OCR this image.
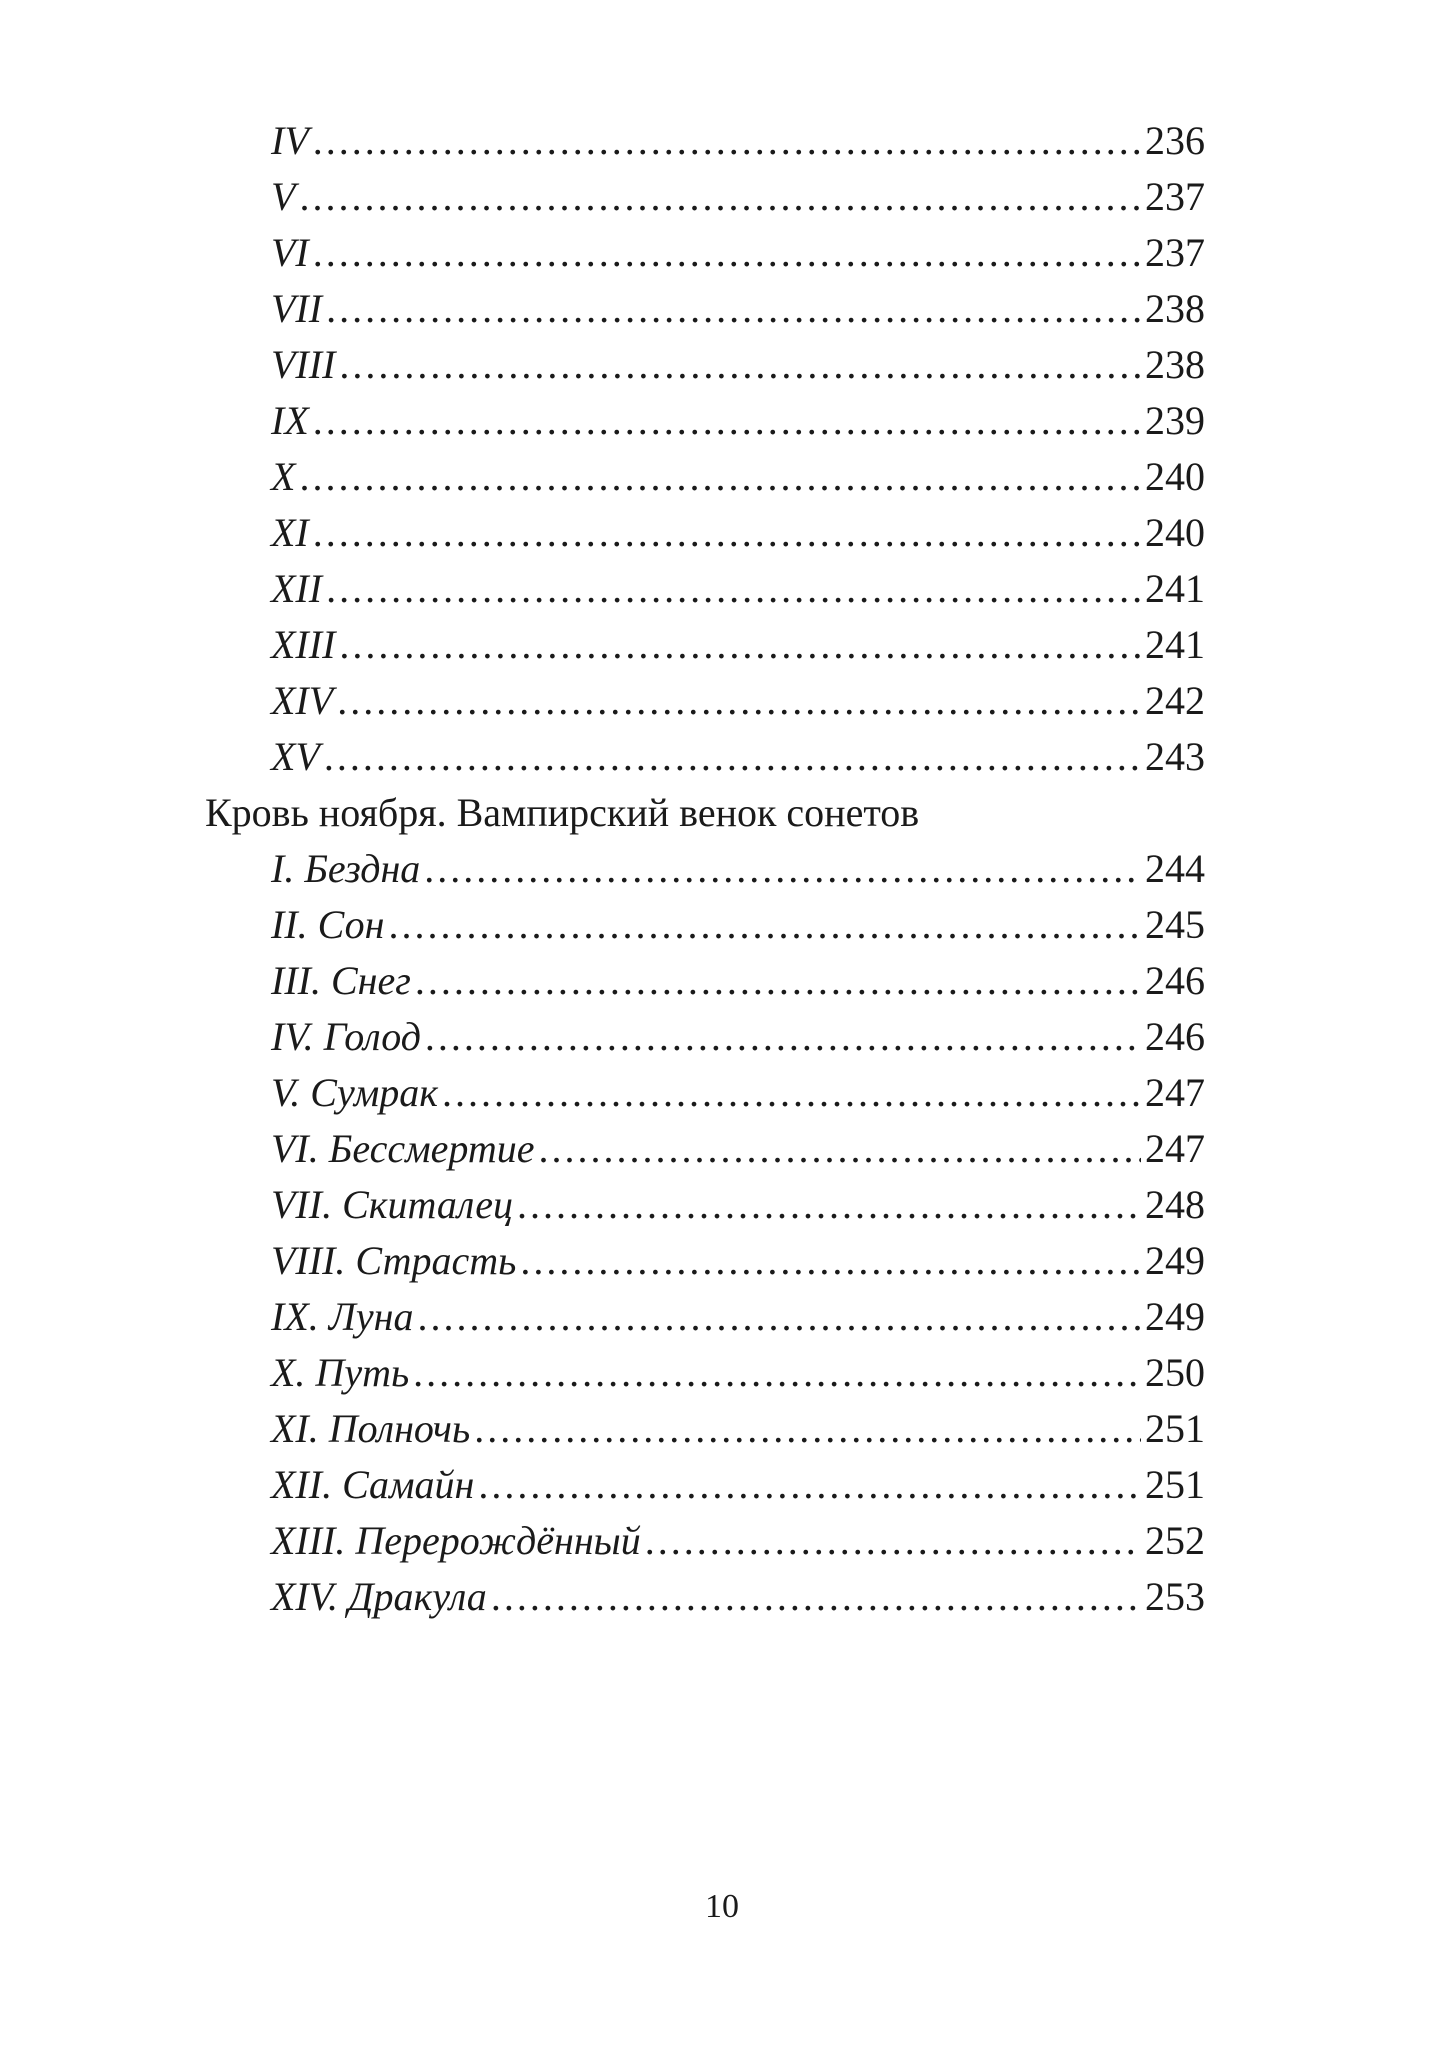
IV .....	236
V .....	237
VI .....	237
VII .....	238
VIII .....	238
IX .....	239
X .....	240
XI .....	240
XII .....	241
XIII .....	241
XIV .....	242
XV .....	243
Кровь ноября. Вампирский венок сонетов
I. Бездна .....	244
II. Сон .....	245
III. Снег .....	246
IV. Голод .....	246
V. Сумрак .....	247
VI. Бессмертие .....	247
VII. Скиталец .....	248
VIII. Страсть .....	249
IX. Луна .....	249
X. Путь .....	250
XI. Полночь .....	251
XII. Самайн .....	251
XIII. Перерождённый .....	252
XIV. Дракула .....	253
10
